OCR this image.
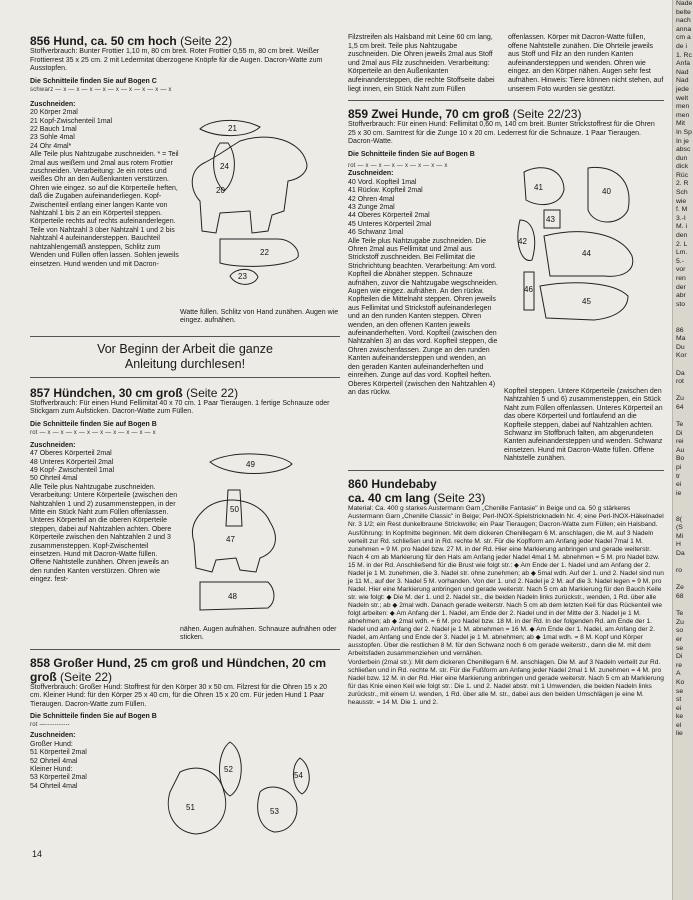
856 Hund, ca. 50 cm hoch (Seite 22)
Stoffverbrauch: Bunter Frottier 1,10 m, 80 cm breit. Roter Frottier 0,55 m, 80 cm breit. Weißer Frottierrest 35 x 25 cm. 2 mit Ledermitat überzogene Knöpfe für die Augen. Dacron-Watte zum Ausstopfen.
Die Schnitteile finden Sie auf Bogen C
schwarz — x — x — x — x — x — x — x — x — x
Zuschneiden:
20 Körper 2mal
21 Kopf-Zwischenteil 1mal
22 Bauch 1mal
23 Sohle 4mal
24 Ohr 4mal*
Alle Teile plus Nahtzugabe zuschneiden. * = Teil 2mal aus weißem und 2mal aus rotem Frottier zuschneiden. Verarbeitung: Je ein rotes und weißes Ohr an den Außenkanten verstürzen. Ohren wie eingez. so auf die Körperteile heften, daß die Zugaben aufeinanderliegen. Kopf-Zwischenteil entlang einer langen Kante von Nahtzahl 1 bis 2 an ein Körperteil steppen. Körperteile rechts auf rechts aufeinanderlegen. Teile von Nahtzahl 3 über Nahtzahl 1 und 2 bis Nahtzahl 4 aufeinandersteppen. Bauchteil nahtzahlengemäß ansteppen, Schlitz zum Wenden und Füllen offen lassen. Sohlen jeweils einsetzen. Hund wenden und mit Dacron-
21
24
20
22
23
Watte füllen. Schlitz von Hand zunähen. Augen wie eingez. aufnähen.
Vor Beginn der Arbeit die ganze
Anleitung durchlesen!
857 Hündchen, 30 cm groß (Seite 22)
Stoffverbrauch: Für einen Hund Fellimitat 40 x 70 cm. 1 Paar Tieraugen. 1 fertige Schnauze oder Stickgarn zum Aufsticken. Dacron-Watte zum Füllen.
Die Schnitteile finden Sie auf Bogen B
rot — x — x — x — x — x — x — x — x — x
Zuschneiden:
47 Oberes Körperteil 2mal
48 Unteres Körperteil 2mal
49 Kopf- Zwischenteil 1mal
50 Ohrteil 4mal
Alle Teile plus Nahtzugabe zuschneiden. Verarbeitung: Untere Körperteile (zwischen den Nahtzahlen 1 und 2) zusammensteppen, in der Mitte ein Stück Naht zum Füllen offenlassen. Unteres Körperteil an die oberen Körperteile steppen, dabei auf Nahtzahlen achten. Obere Körperteile zwischen den Nahtzahlen 2 und 3 zusammensteppen. Kopf-Zwischenteil einsetzen. Hund mit Dacron-Watte füllen. Offene Nahtstelle zunähen. Ohren jeweils an den runden Kanten verstürzen. Ohren wie eingez. fest-
49
50
47
48
nähen. Augen aufnähen. Schnauze aufnähen oder sticken.
858 Großer Hund, 25 cm groß und Hündchen, 20 cm groß (Seite 22)
Stoffverbrauch: Großer Hund: Stoffrest für den Körper 30 x 50 cm. Filzrest für die Ohren 15 x 20 cm. Kleiner Hund: für den Körper 25 x 40 cm, für die Ohren 15 x 20 cm. Für jeden Hund 1 Paar Tieraugen. Dacron-Watte zum Füllen.
Die Schnitteile finden Sie auf Bogen B
rot —-----------
Zuschneiden:
Großer Hund:
51 Körperteil 2mal
52 Ohrteil 4mal
Kleiner Hund:
53 Körperteil 2mal
54 Ohrteil 4mal
52
51
54
53
14
Filzstreifen als Halsband mit Leine 60 cm lang, 1,5 cm breit. Teile plus Nahtzugabe zuschneiden. Die Ohren jeweils 2mal aus Stoff und 2mal aus Filz zuschneiden. Verarbeitung: Körperteile an den Außenkanten aufeinandersteppen, die rechte Stoffseite dabei liegt innen, ein Stück Naht zum Füllen
offenlassen. Körper mit Dacron-Watte füllen, offene Nahtstelle zunähen. Die Ohrteile jeweils aus Stoff und Filz an den runden Kanten aufeinandersteppen und wenden. Ohren wie eingez. an den Körper nähen. Augen sehr fest aufnähen. Hinweis: Tiere können nicht stehen, auf unserem Foto wurden sie gestützt.
859 Zwei Hunde, 70 cm groß (Seite 22/23)
Stoffverbrauch: Für einen Hund: Fellimitat 0,60 m, 140 cm breit. Bunter Strickstoffrest für die Ohren 25 x 30 cm. Samtrest für die Zunge 10 x 20 cm. Lederrest für die Schnauze. 1 Paar Tieraugen. Dacron-Watte.
Die Schnitteile finden Sie auf Bogen B
rot — x — x — x — x — x — x — x
Zuschneiden:
40 Vord. Kopfteil 1mal
41 Rückw. Kopfteil 2mal
42 Ohren 4mal
43 Zunge 2mal
44 Oberes Körperteil 2mal
45 Unteres Körperteil 2mal
46 Schwanz 1mal
Alle Teile plus Nahtzugabe zuschneiden. Die Ohren 2mal aus Fellimitat und 2mal aus Strickstoff zuschneiden. Bei Fellimitat die Strichrichtung beachten. Verarbeitung: Am vord. Kopfteil die Abnäher steppen. Schnauze aufnähen, zuvor die Nahtzugabe wegschneiden. Augen wie eingez. aufnähen. An den rückw. Kopfteilen die Mittelnaht steppen. Ohren jeweils aus Fellimitat und Strickstoff aufeinanderlegen und an den runden Kanten steppen. Ohren wenden, an den offenen Kanten jeweils aufeinanderheften. Vord. Kopfteil (zwischen den Nahtzahlen 3) an das vord. Kopfteil steppen, die Ohren zwischenfassen. Zunge an den runden Kanten aufeinandersteppen und wenden, an den geraden Kanten aufeinanderheften und einreihen. Zunge auf das vord. Kopfteil heften. Oberes Körperteil (zwischen den Nahtzahlen 4) an das rückw.
41	40
43
42
44
46
45
Kopfteil steppen. Untere Körperteile (zwischen den Nahtzahlen 5 und 6) zusammensteppen, ein Stück Naht zum Füllen offenlassen. Unteres Körperteil an das obere Körperteil und fortlaufend an die Kopfteile steppen, dabei auf Nahtzahlen achten. Schwanz im Stoffbruch falten, am abgerundeten Kanten aufeinandersteppen und wenden. Schwanz einsetzen. Hund mit Dacron-Watte füllen. Offene Nahtstelle zunähen.
860 Hundebaby
ca. 40 cm lang (Seite 23)
Material: Ca. 400 g starkes Austermann Garn „Chenille Fantasie" in Beige und ca. 50 g stärkeres Austermann Garn „Chenille Classic" in Beige; Perl-INOX-Spielstricknadeln Nr. 4; eine Perl-INOX-Häkelnadel Nr. 3 1/2; ein Rest dunkelbraune Strickwolle; ein Paar Tieraugen; Dacron-Watte zum Füllen; ein Halsband.
Ausführung: In Kopfmitte beginnen. Mit dem dickeren Chenillegarn 6 M. anschlagen, die M. auf 3 Nadeln verteilt zur Rd. schließen und in Rd. rechte M. str. Für die Kopfform am Anfang jeder Nadel 7mal 1 M. zunehmen = 9 M. pro Nadel bzw. 27 M. in der Rd. Hier eine Markierung anbringen und gerade weiterstr. Nach 4 cm ab Markierung für den Hals am Anfang jeder Nadel 4mal 1 M. abnehmen = 5 M. pro Nadel bzw. 15 M. in der Rd. Anschließend für die Brust wie folgt str.: ◆ Am Ende der 1. Nadel und am Anfang der 2. Nadel je 1 M. zunehmen, die 3. Nadel str. ohne zunehmen; ab ◆ 5mal wdh. Auf der 1. und 2. Nadel sind nun je 11 M., auf der 3. Nadel 5 M. vorhanden. Von der 1. und 2. Nadel je 2 M. auf die 3. Nadel legen = 9 M. pro Nadel. Hier eine Markierung anbringen und gerade weiterstr. Nach 5 cm ab Markierung für den Bauch Keile str. wie folgt: ◆ Die M. der 1. und 2. Nadel str., die beiden Nadeln links zurückstr., wenden, 1 Rd. über alle Nadeln str.; ab ◆ 2mal wdh. Danach gerade weiterstr. Nach 5 cm ab dem letzten Keil für das Rückenteil wie folgt arbeiten: ◆ Am Anfang der 1. Nadel, am Ende der 2. Nadel und in der Mitte der 3. Nadel je 1 M. abnehmen; ab ◆ 2mal wdh. = 6 M. pro Nadel bzw. 18 M. in der Rd. In der folgenden Rd. am Ende der 1. Nadel und am Anfang der 2. Nadel je 1 M. abnehmen = 16 M. ◆ Am Ende der 1. Nadel, am Anfang der 2. Nadel, am Anfang und Ende der 3. Nadel je 1 M. abnehmen; ab ◆ 1mal wdh. = 8 M. Kopf und Körper ausstopfen. Über die restlichen 8 M. für den Schwanz noch 6 cm gerade weiterstr., dann die M. mit dem Arbeitsfaden zusammenziehen und vernähen.
Vorderbein (2mal str.): Mit dem dickeren Chenillegarn 6 M. anschlagen. Die M. auf 3 Nadeln verteilt zur Rd. schließen und in Rd. rechte M. str. Für die Fußform am Anfang jeder Nadel 2mal 1 M. zunehmen = 4 M. pro Nadel bzw. 12 M. in der Rd. Hier eine Markierung anbringen und gerade weiterstr. Nach 5 cm ab Markierung für das Knie einen Keil wie folgt str.: Die 1. und 2. Nadel abstr. mit 1 Umwenden, die beiden Nadeln links zurückstr., mit einem U. wenden, 1 Rd. über alle M. str., dabei aus den beiden Umschlägen je eine M. heausstr. = 14 M. Die 1. und 2.
Nade
belte
nach
anna
cm a
de i
1. Rc
Anfa
Nad
Nad
jede
welt
men
men
Mit
In Sp
In je
absc
dun
dick
Rüc
2. R
Sch
wie
f. M
3.-I
M. i
den
2. L
Lm.
5.-
vor
ren
der
abr
sto

86
Ma
Du
Kor

Da
rot

Zu
64

Te
Di
rei
Au
Bo
pi
tr
ei
ie

8(
(S
Mi
H
Da

ro

Ze
68

Te
Zu
so
er
se
Di
re
A
Ko
se
st
ei
ke
el
lie
